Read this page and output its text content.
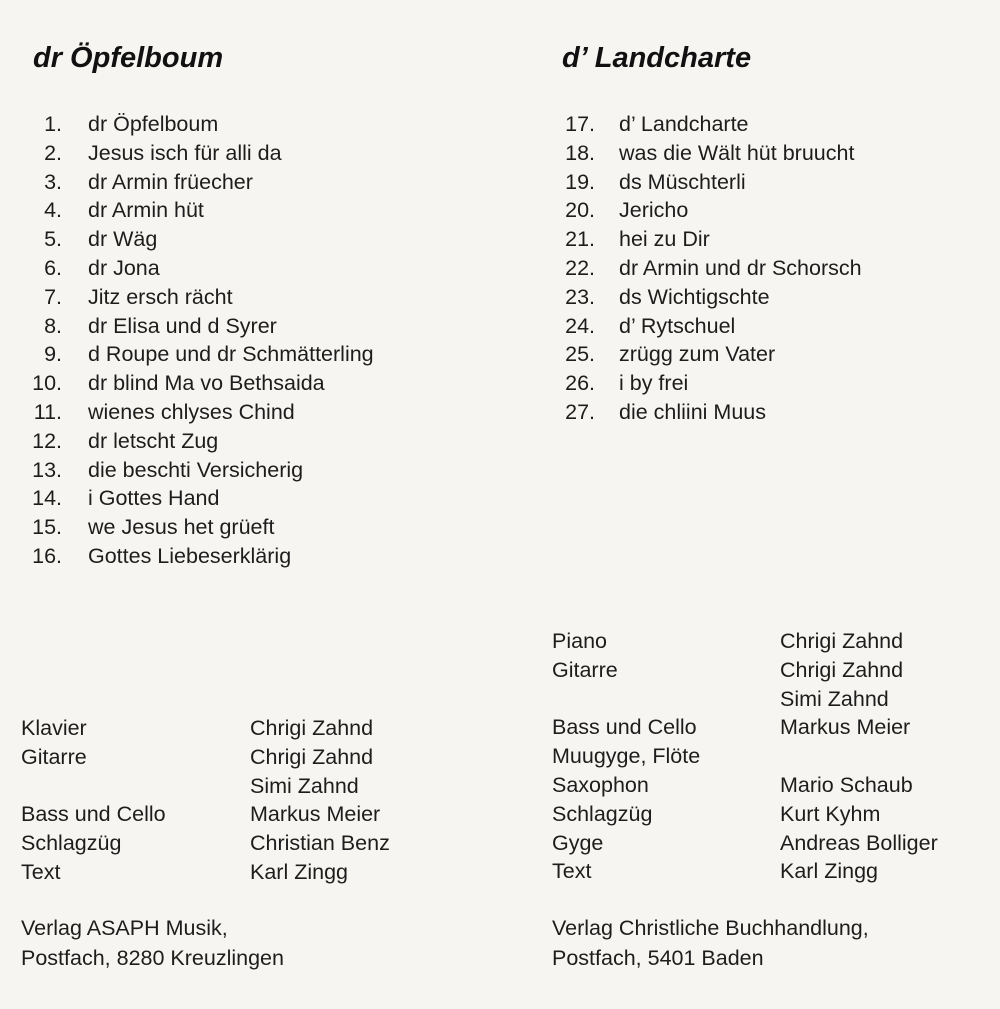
dr Öpfelboum
1. dr Öpfelboum
2. Jesus isch für alli da
3. dr Armin früecher
4. dr Armin hüt
5. dr Wäg
6. dr Jona
7. Jitz ersch rächt
8. dr Elisa und d Syrer
9. d Roupe und dr Schmätterling
10. dr blind Ma vo Bethsaida
11. wienes chlyses Chind
12. dr letscht Zug
13. die beschti Versicherig
14. i Gottes Hand
15. we Jesus het grüeft
16. Gottes Liebeserklärig
Klavier	Chrigi Zahnd
Gitarre	Chrigi Zahnd
Simi Zahnd
Bass und Cello	Markus Meier
Schlagzüg	Christian Benz
Text	Karl Zingg
Verlag ASAPH Musik,
Postfach, 8280 Kreuzlingen
d’ Landcharte
17. d’ Landcharte
18. was die Wält hüt bruucht
19. ds Müschterli
20. Jericho
21. hei zu Dir
22. dr Armin und dr Schorsch
23. ds Wichtigschte
24. d’ Rytschuel
25. zrügg zum Vater
26. i by frei
27. die chliini Muus
Piano	Chrigi Zahnd
Gitarre	Chrigi Zahnd
Simi Zahnd
Bass und Cello	Markus Meier
Muugyge, Flöte
Saxophon	Mario Schaub
Schlagzüg	Kurt Kyhm
Gyge	Andreas Bolliger
Text	Karl Zingg
Verlag Christliche Buchhandlung,
Postfach, 5401 Baden
